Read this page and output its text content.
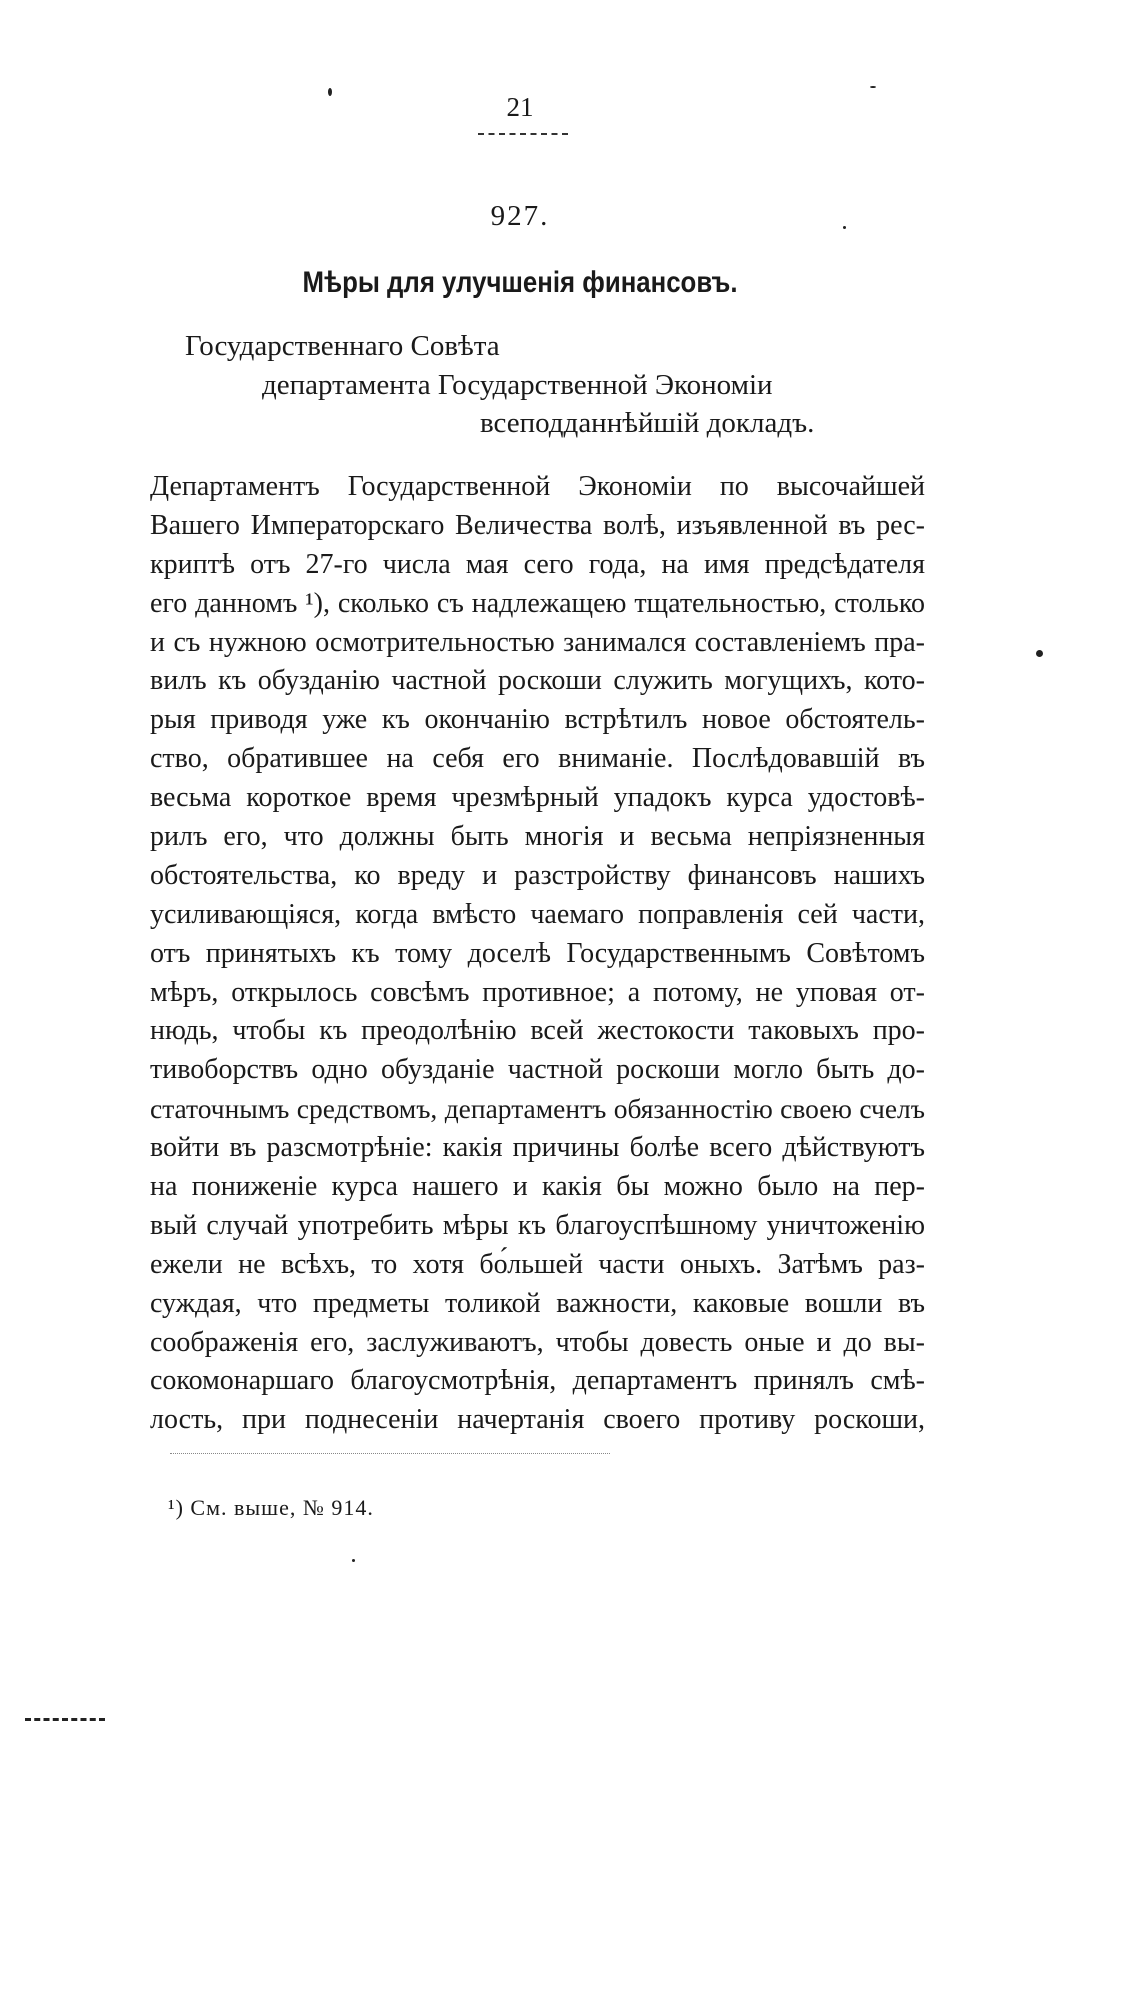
21
927.
Мѣры для улучшенія финансовъ.
Государственнаго Совѣта
департамента Государственной Экономіи
всеподданнѣйшій докладъ.
Департаментъ Государственной Экономіи по высочайшей
Вашего Императорскаго Величества волѣ, изъявленной въ рес-
криптѣ отъ 27-го числа мая сего года, на имя предсѣдателя
его данномъ ¹), сколько съ надлежащею тщательностью, столько
и съ нужною осмотрительностью занимался составленіемъ пра-
вилъ къ обузданію частной роскоши служить могущихъ, кото-
рыя приводя уже къ окончанію встрѣтилъ новое обстоятель-
ство, обратившее на себя его вниманіе. Послѣдовавшій въ
весьма короткое время чрезмѣрный упадокъ курса удостовѣ-
рилъ его, что должны быть многія и весьма непріязненныя
обстоятельства, ко вреду и разстройству финансовъ нашихъ
усиливающіяся, когда вмѣсто чаемаго поправленія сей части,
отъ принятыхъ къ тому доселѣ Государственнымъ Совѣтомъ
мѣръ, открылось совсѣмъ противное; а потому, не уповая от-
нюдь, чтобы къ преодолѣнію всей жестокости таковыхъ про-
тивоборствъ одно обузданіе частной роскоши могло быть до-
статочнымъ средствомъ, департаментъ обязанностію своею счелъ
войти въ разсмотрѣніе: какія причины болѣе всего дѣйствуютъ
на пониженіе курса нашего и какія бы можно было на пер-
вый случай употребить мѣры къ благоуспѣшному уничтоженію
ежели не всѣхъ, то хотя бо́льшей части оныхъ. Затѣмъ раз-
суждая, что предметы толикой важности, каковые вошли въ
соображенія его, заслуживаютъ, чтобы довесть оные и до вы-
сокомонаршаго благоусмотрѣнія, департаментъ принялъ смѣ-
лость, при поднесеніи начертанія своего противу роскоши,
¹) См. выше, № 914.
